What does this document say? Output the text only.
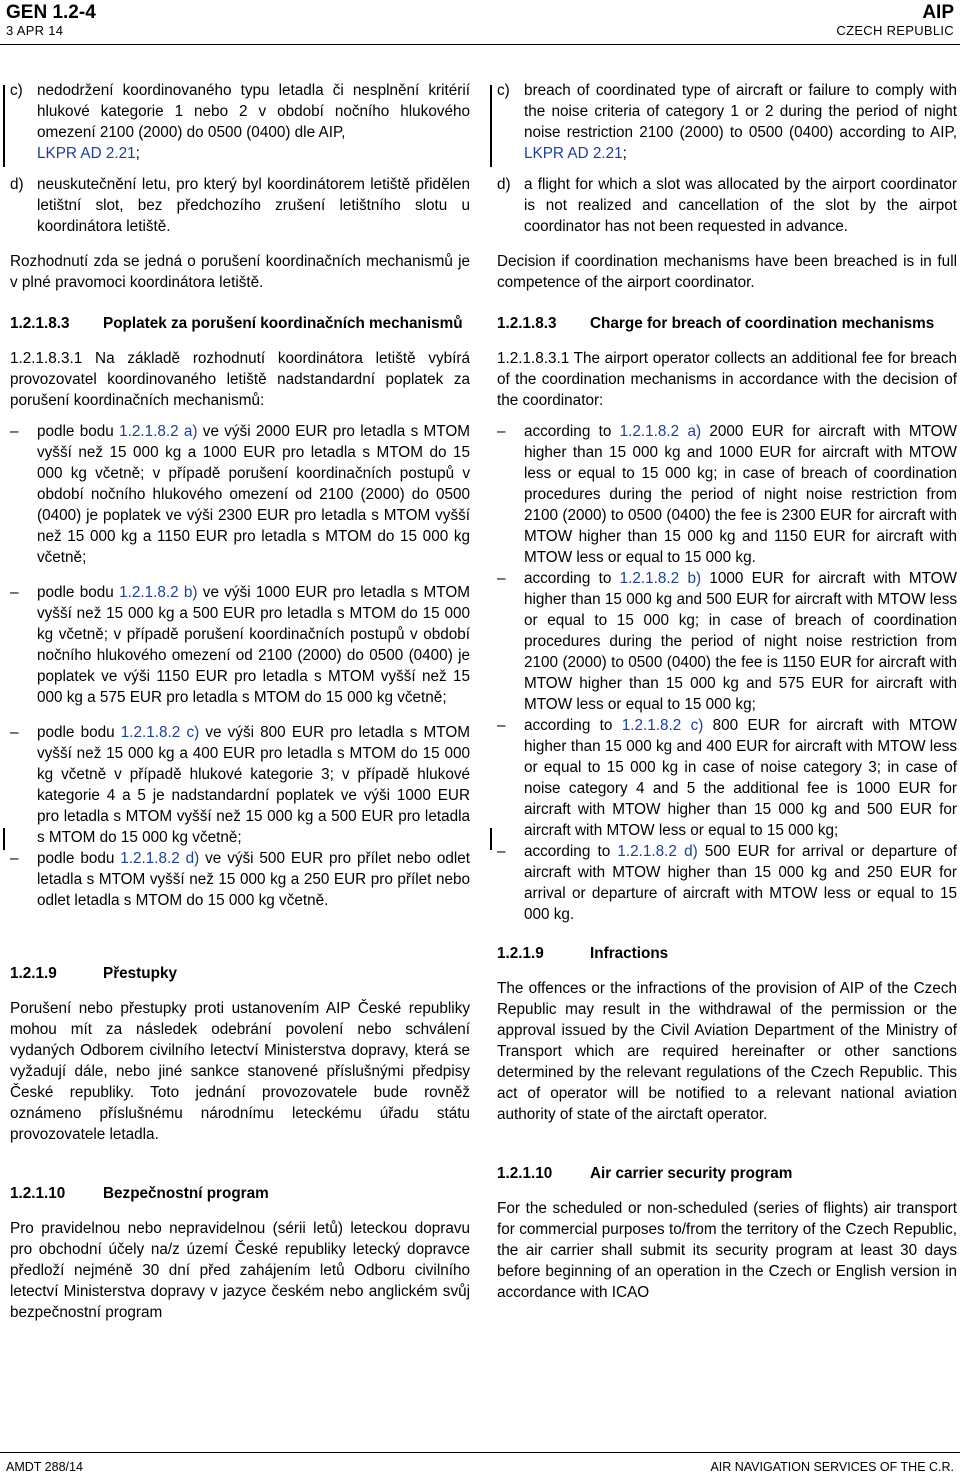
GEN 1.2-4
3 APR 14
AIP
CZECH REPUBLIC
c) nedodržení koordinovaného typu letadla či nesplnění kritérií hlukové kategorie 1 nebo 2 v období nočního hlukového omezení 2100 (2000) do 0500 (0400) dle AIP,
LKPR AD 2.21;
d) neuskutečnění letu, pro který byl koordinátorem letiště přidělen letištní slot, bez předchozího zrušení letištního slotu u koordinátora letiště.

Rozhodnutí zda se jedná o porušení koordinačních mechanismů je v plné pravomoci koordinátora letiště.

1.2.1.8.3 Poplatek za porušení koordinačních mechanismů

1.2.1.8.3.1 Na základě rozhodnutí koordinátora letiště vybírá provozovatel koordinovaného letiště nadstandardní poplatek za porušení koordinačních mechanismů:

– podle bodu 1.2.1.8.2 a) ve výši 2000 EUR pro letadla s MTOM vyšší než 15 000 kg a 1000 EUR pro letadla s MTOM do 15 000 kg včetně; v případě porušení koordinačních postupů v období nočního hlukového omezení od 2100 (2000) do 0500 (0400) je poplatek ve výši 2300 EUR pro letadla s MTOM vyšší než 15 000 kg a 1150 EUR pro letadla s MTOM do 15 000 kg včetně;
– podle bodu 1.2.1.8.2 b) ve výši 1000 EUR pro letadla s MTOM vyšší než 15 000 kg a 500 EUR pro letadla s MTOM do 15 000 kg včetně; v případě porušení koordinačních postupů v období nočního hlukového omezení od 2100 (2000) do 0500 (0400) je poplatek ve výši 1150 EUR pro letadla s MTOM vyšší než 15 000 kg a 575 EUR pro letadla s MTOM do 15 000 kg včetně;
– podle bodu 1.2.1.8.2 c) ve výši 800 EUR pro letadla s MTOM vyšší než 15 000 kg a 400 EUR pro letadla s MTOM do 15 000 kg včetně v případě hlukové kategorie 3; v případě hlukové kategorie 4 a 5 je nadstandardní poplatek ve výši 1000 EUR pro letadla s MTOM vyšší než 15 000 kg a 500 EUR pro letadla s MTOM do 15 000 kg včetně;
– podle bodu 1.2.1.8.2 d) ve výši 500 EUR pro přílet nebo odlet letadla s MTOM vyšší než 15 000 kg a 250 EUR pro přílet nebo odlet letadla s MTOM do 15 000 kg včetně.
1.2.1.9	Přestupky

Porušení nebo přestupky proti ustanovením AIP České republiky mohou mít za následek odebrání povolení nebo schválení vydaných Odborem civilního letectví Ministerstva dopravy, která se vyžadují dále, nebo jiné sankce stanovené příslušnými předpisy České republiky. Toto jednání provozovatele bude rovněž oznámeno příslušnému národnímu leteckému úřadu státu provozovatele letadla.

1.2.1.10 Bezpečnostní program

Pro pravidelnou nebo nepravidelnou (sérii letů) leteckou dopravu pro obchodní účely na/z území České republiky letecký dopravce předloží nejméně 30 dní před zahájením letů Odboru civilního letectví Ministerstva dopravy v jazyce českém nebo anglickém svůj bezpečnostní program

c) breach of coordinated type of aircraft or failure to comply with the noise criteria of category 1 or 2 during the period of night noise restriction 2100 (2000) to 0500 (0400) according to AIP, LKPR AD 2.21;
d) a flight for which a slot was allocated by the airport coordinator is not realized and cancellation of the slot by the airpot coordinator has not been requested in advance.

Decision if coordination mechanisms have been breached is in full competence of the airport coordinator.

1.2.1.8.3 Charge for breach of coordination mechanisms

1.2.1.8.3.1 The airport operator collects an additional fee for breach of the coordination mechanisms in accordance with the decision of the coordinator:

– according to 1.2.1.8.2 a) 2000 EUR for aircraft with MTOW higher than 15 000 kg and 1000 EUR for aircraft with MTOW less or equal to 15 000 kg; in case of breach of coordination procedures during the period of night noise restriction from 2100 (2000) to 0500 (0400) the fee is 2300 EUR for aircraft with MTOW higher than 15 000 kg and 1150 EUR for aircraft with MTOW less or equal to 15 000 kg.
– according to 1.2.1.8.2 b) 1000 EUR for aircraft with MTOW higher than 15 000 kg and 500 EUR for aircraft with MTOW less or equal to 15 000 kg; in case of breach of coordination procedures during the period of night noise restriction from 2100 (2000) to 0500 (0400) the fee is 1150 EUR for aircraft with MTOW higher than 15 000 kg and 575 EUR for aircraft with MTOW less or equal to 15 000 kg;
– according to 1.2.1.8.2 c) 800 EUR for aircraft with MTOW higher than 15 000 kg and 400 EUR for aircraft with MTOW less or equal to 15 000 kg in case of noise category 3; in case of noise category 4 and 5 the additional fee is 1000 EUR for aircraft with MTOW higher than 15 000 kg and 500 EUR for aircraft with MTOW less or equal to 15 000 kg;
– according to 1.2.1.8.2 d) 500 EUR for arrival or departure of aircraft with MTOW higher than 15 000 kg and 250 EUR for arrival or departure of aircraft with MTOW less or equal to 15 000 kg.
1.2.1.9	Infractions

The offences or the infractions of the provision of AIP of the Czech Republic may result in the withdrawal of the permission or the approval issued by the Civil Aviation Department of the Ministry of Transport which are required hereinafter or other sanctions determined by the relevant regulations of the Czech Republic. This act of operator will be notified to a relevant national aviation authority of state of the airctaft operator.

1.2.1.10 Air carrier security program

For the scheduled or non-scheduled (series of flights) air transport for commercial purposes to/from the territory of the Czech Republic, the air carrier shall submit its security program at least 30 days before beginning of an operation in the Czech or English version in accordance with ICAO

AMDT 288/14	AIR NAVIGATION SERVICES OF THE C.R.
